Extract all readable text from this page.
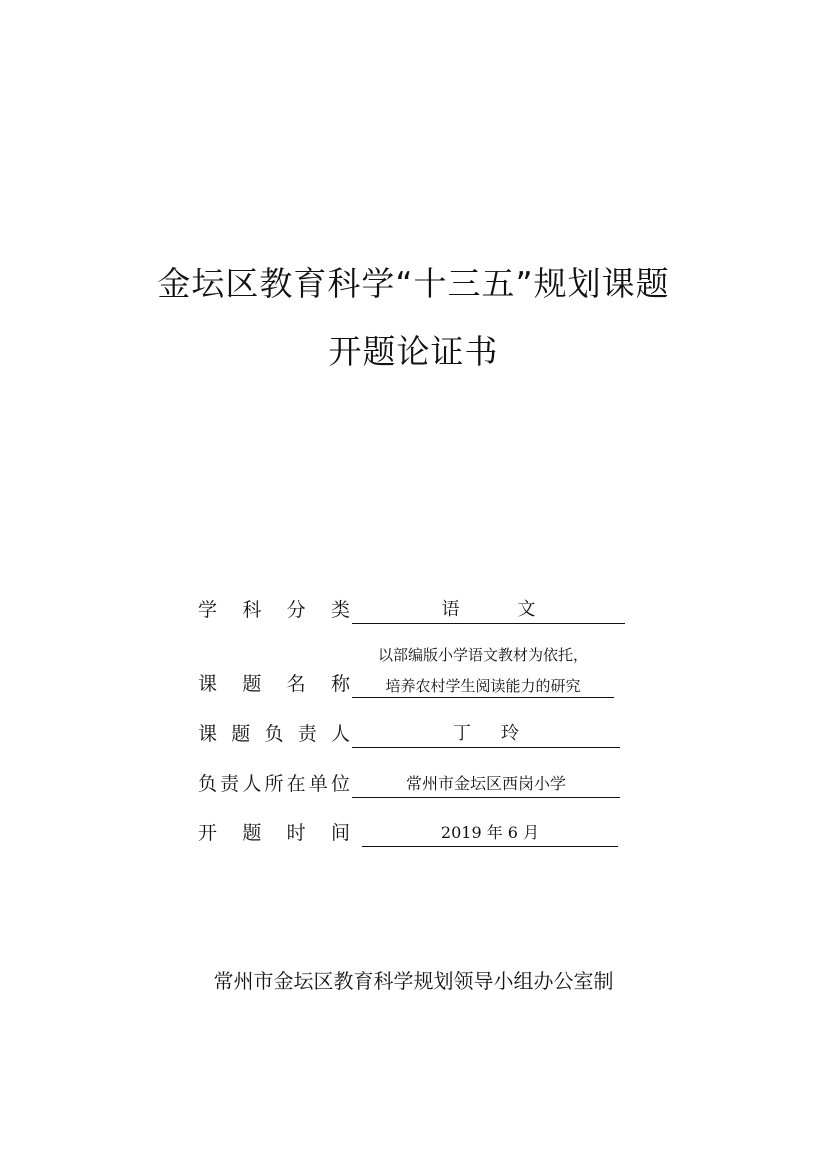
金坛区教育科学“十三五”规划课题
开题论证书
学 科 分 类	语文
课 题 名 称
以部编版小学语文教材为依托，
培养农村学生阅读能力的研究
课 题 负 责 人	丁玲
负 责 人 所 在 单 位	常州市金坛区西岗小学
开 题 时 间	2019 年 6 月
常州市金坛区教育科学规划领导小组办公室制
